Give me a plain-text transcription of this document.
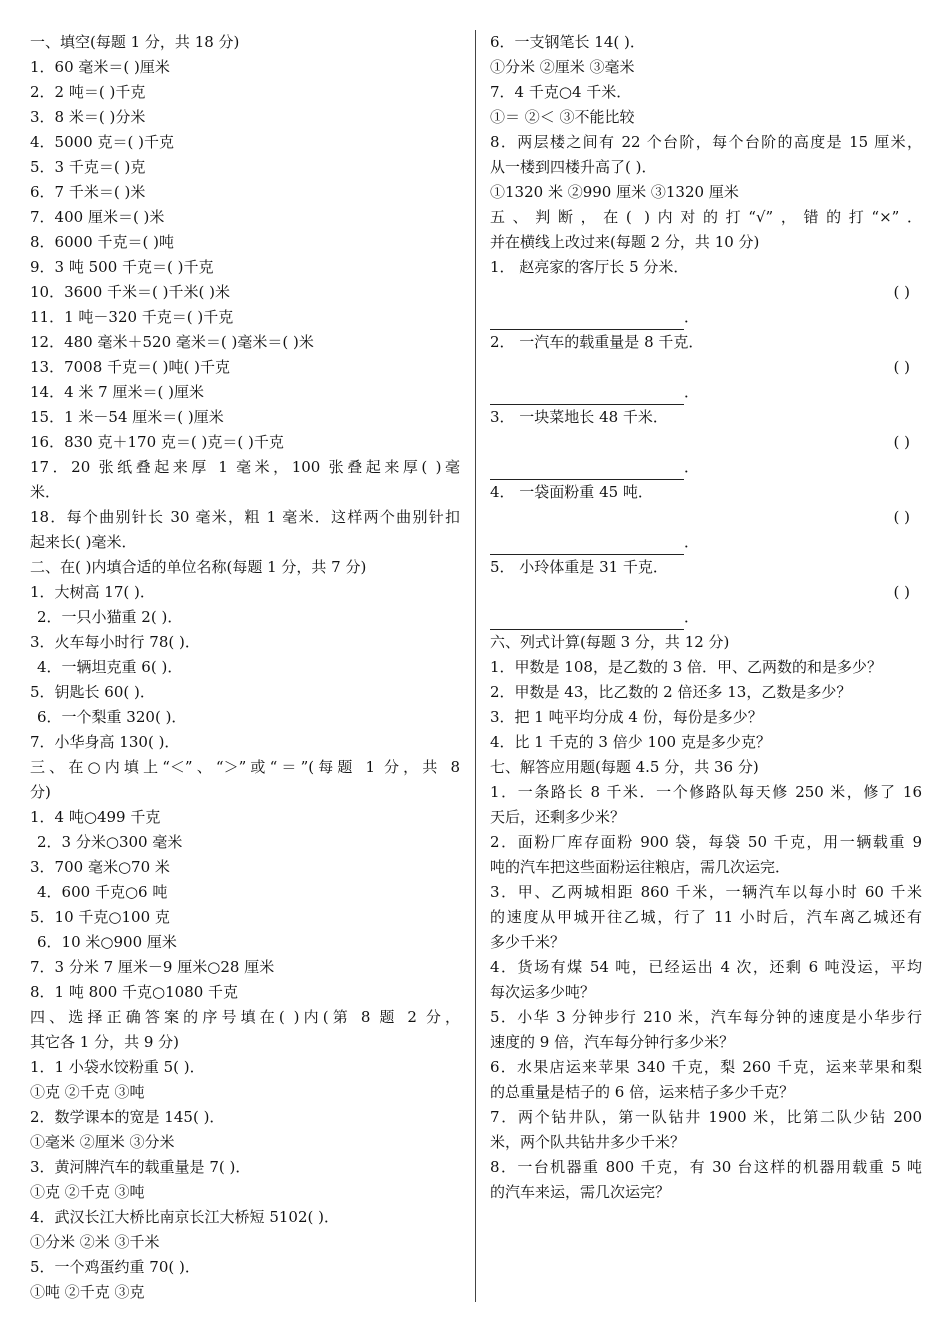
一、填空(每题 1 分，共 18 分)
1．60 毫米＝( )厘米
2．2 吨＝( )千克
3．8 米＝( )分米
4．5000 克＝( )千克
5．3 千克＝( )克
6．7 千米＝( )米
7．400 厘米＝( )米
8．6000 千克＝( )吨
9．3 吨 500 千克＝( )千克
10．3600 千米＝( )千米( )米
11．1 吨－320 千克＝( )千克
12．480 毫米＋520 毫米＝( )毫米＝( )米
13．7008 千克＝( )吨( )千克
14．4 米 7 厘米＝( )厘米
15．1 米－54 厘米＝( )厘米
16．830 克＋170 克＝( )克＝( )千克
17．20 张纸叠起来厚 1 毫米，100 张叠起来厚( )毫
米．
18．每个曲别针长 30 毫米，粗 1 毫米．这样两个曲别针扣
起来长( )毫米．
二、在( )内填合适的单位名称(每题 1 分，共 7 分)
1．大树高 17( )．
2．一只小猫重 2( )．
3．火车每小时行 78( )．
4．一辆坦克重 6( )．
5．钥匙长 60( )．
6．一个梨重 320( )．
7．小华身高 130( )．
三、在○内填上“＜”、“＞”或“＝”(每题 1 分，共 8
分)
1．4 吨○499 千克
2．3 分米○300 毫米
3．700 毫米○70 米
4．600 千克○6 吨
5．10 千克○100 克
6．10 米○900 厘米
7．3 分米 7 厘米－9 厘米○28 厘米
8．1 吨 800 千克○1080 千克
四、选择正确答案的序号填在( )内(第 8 题 2 分，
其它各 1 分，共 9 分)
1．1 小袋水饺粉重 5( )．
①克 ②千克 ③吨
2．数学课本的宽是 145( )．
①毫米 ②厘米 ③分米
3．黄河牌汽车的载重量是 7( )．
①克 ②千克 ③吨
4．武汉长江大桥比南京长江大桥短 5102( )．
①分米 ②米 ③千米
5．一个鸡蛋约重 70( )．
①吨 ②千克 ③克
6．一支钢笔长 14( )．
①分米 ②厘米 ③毫米
7．4 千克○4 千米．
①＝ ②＜ ③不能比较
8．两层楼之间有 22 个台阶，每个台阶的高度是 15 厘米，
从一楼到四楼升高了( )．
①1320 米 ②990 厘米 ③1320 厘米
五、判断，在( )内对的打“√”，错的打“×”．
并在横线上改过来(每题 2 分，共 10 分)
1． 赵亮家的客厅长 5 分米．
( )
．
2． 一汽车的载重量是 8 千克．
( )
．
3． 一块菜地长 48 千米．
( )
．
4． 一袋面粉重 45 吨．
( )
．
5． 小玲体重是 31 千克．
( )
．
六、列式计算(每题 3 分，共 12 分)
1．甲数是 108，是乙数的 3 倍．甲、乙两数的和是多少？
2．甲数是 43，比乙数的 2 倍还多 13，乙数是多少？
3．把 1 吨平均分成 4 份，每份是多少？
4．比 1 千克的 3 倍少 100 克是多少克？
七、解答应用题(每题 4.5 分，共 36 分)
1．一条路长 8 千米．一个修路队每天修 250 米，修了 16
天后，还剩多少米？
2．面粉厂库存面粉 900 袋，每袋 50 千克，用一辆载重 9
吨的汽车把这些面粉运往粮店，需几次运完．
3．甲、乙两城相距 860 千米，一辆汽车以每小时 60 千米
的速度从甲城开往乙城，行了 11 小时后，汽车离乙城还有
多少千米？
4．货场有煤 54 吨，已经运出 4 次，还剩 6 吨没运，平均
每次运多少吨？
5．小华 3 分钟步行 210 米，汽车每分钟的速度是小华步行
速度的 9 倍，汽车每分钟行多少米？
6．水果店运来苹果 340 千克，梨 260 千克，运来苹果和梨
的总重量是桔子的 6 倍，运来桔子多少千克？
7．两个钻井队，第一队钻井 1900 米，比第二队少钻 200
米，两个队共钻井多少千米？
8．一台机器重 800 千克，有 30 台这样的机器用载重 5 吨
的汽车来运，需几次运完？
